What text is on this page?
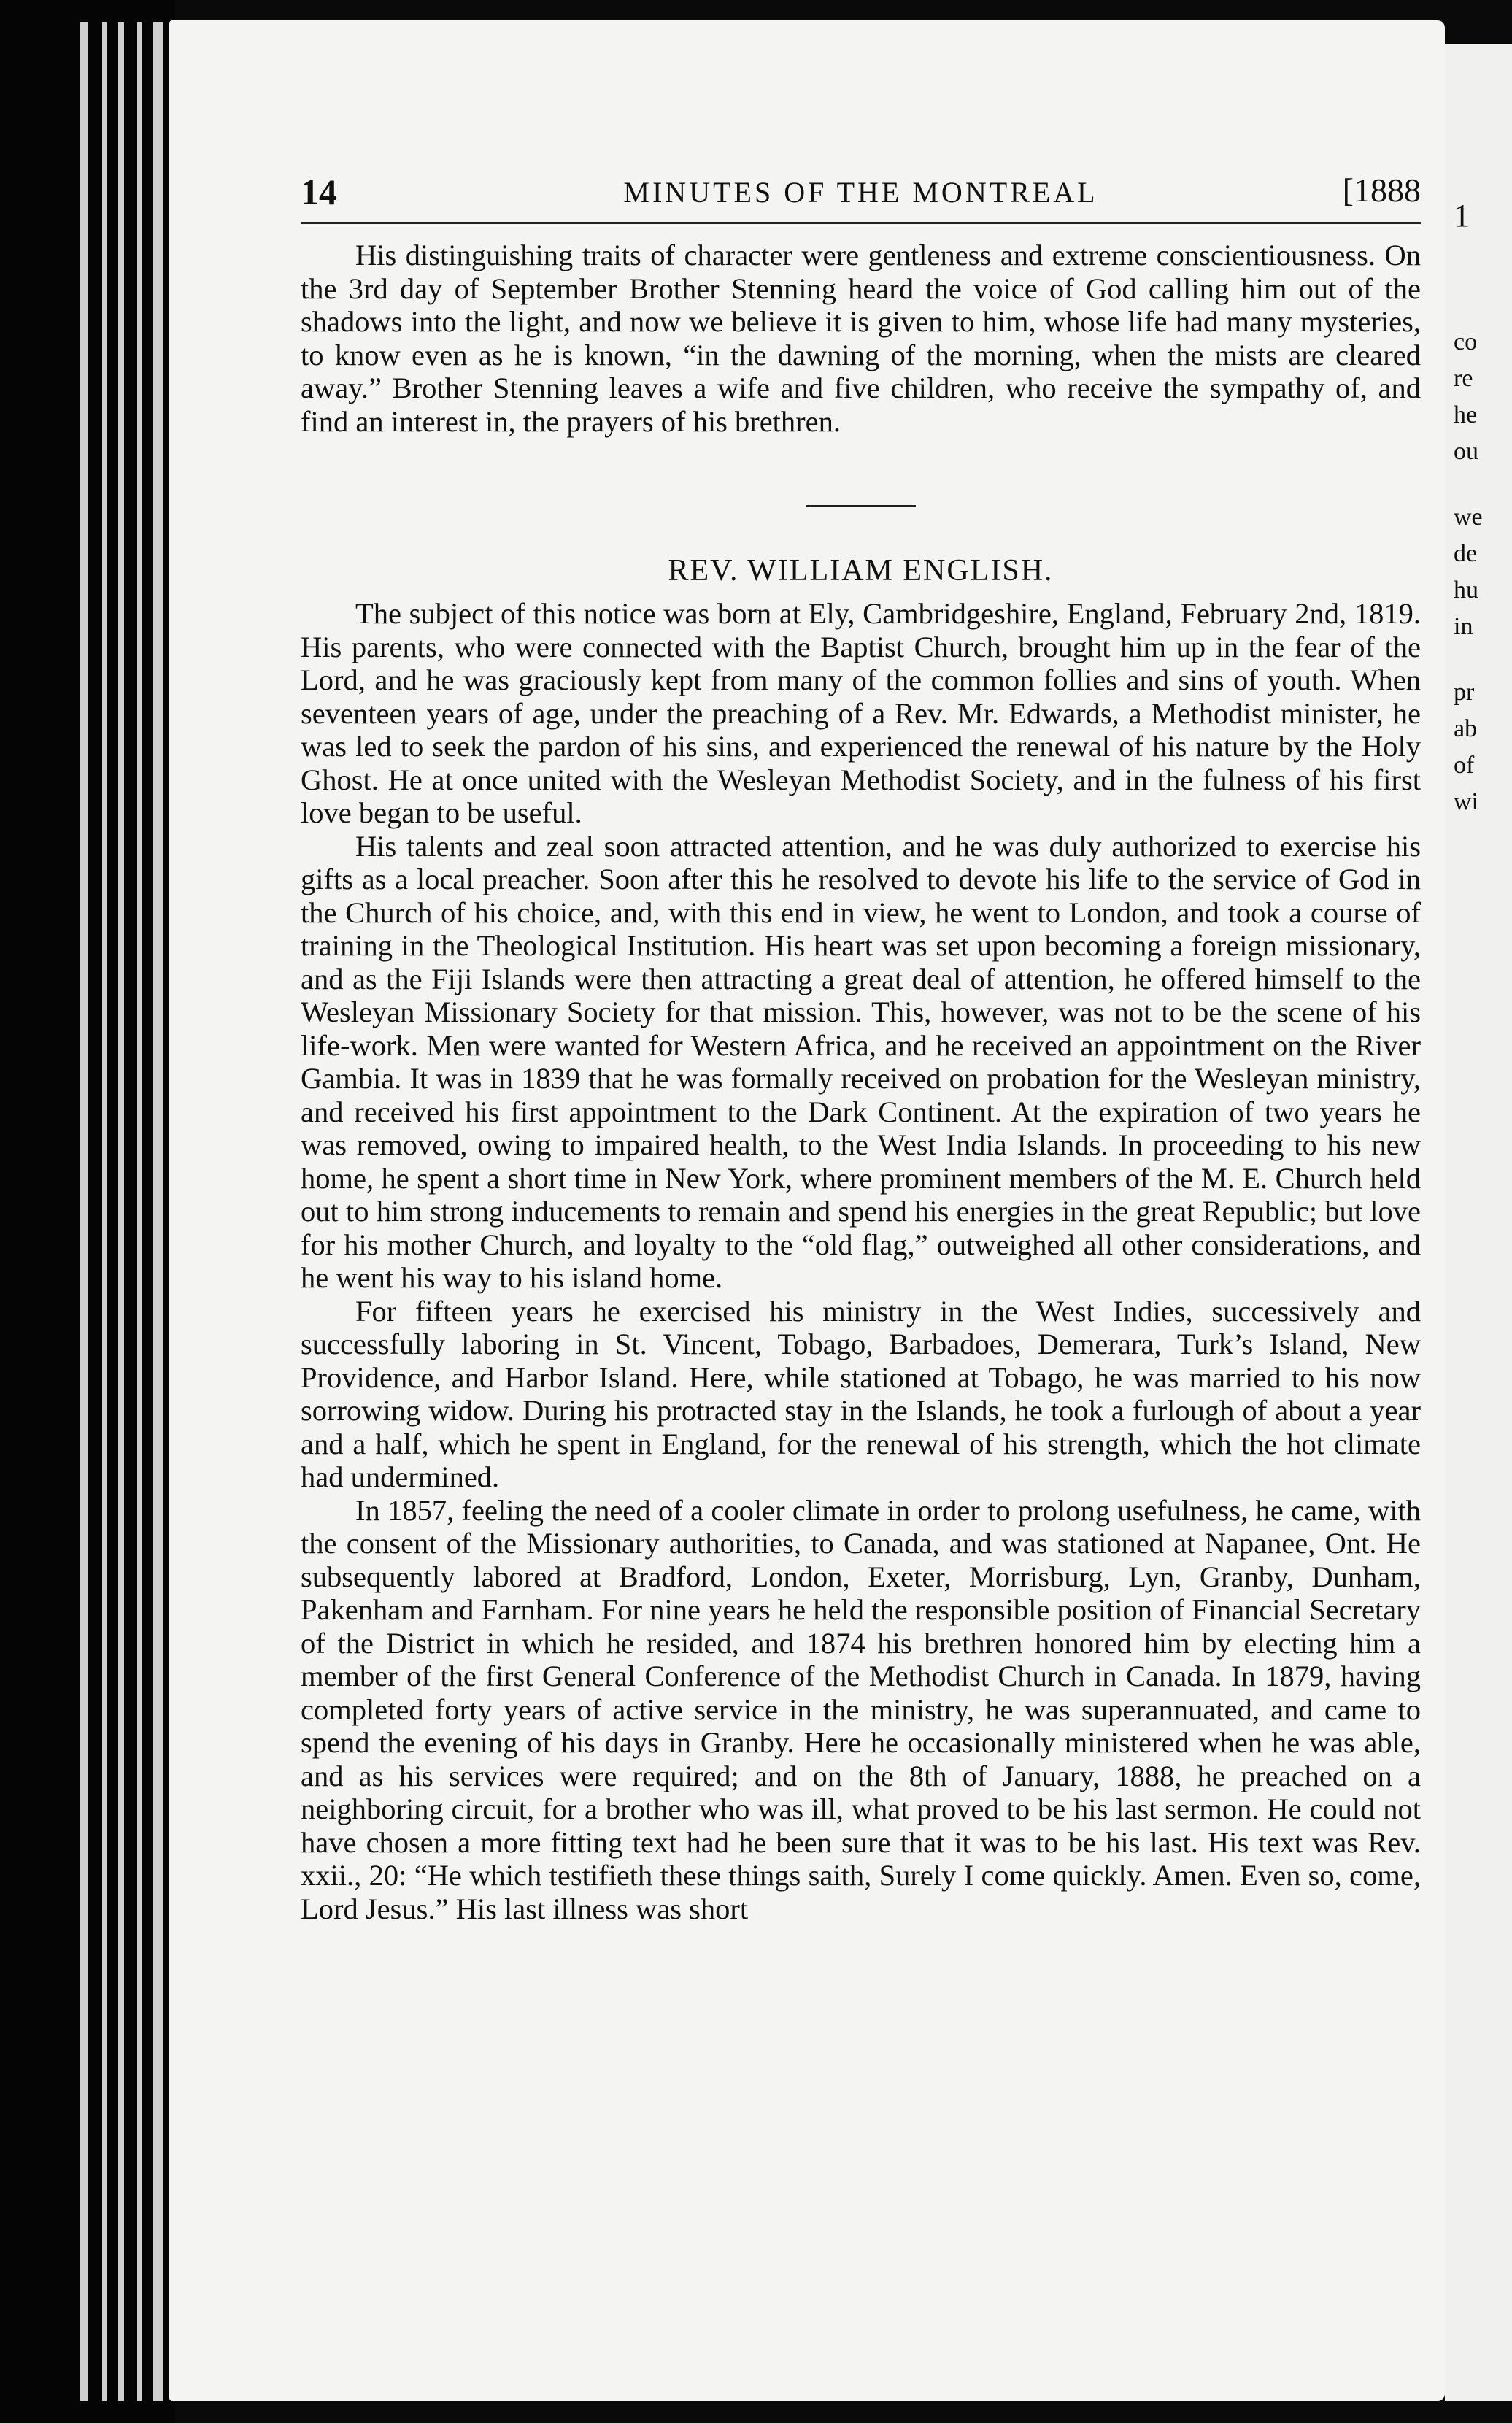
14	MINUTES OF THE MONTREAL	[1888

His distinguishing traits of character were gentleness and extreme conscientiousness. On the 3rd day of September Brother Stenning heard the voice of God calling him out of the shadows into the light, and now we believe it is given to him, whose life had many mysteries, to know even as he is known, “in the dawning of the morning, when the mists are cleared away.” Brother Stenning leaves a wife and five children, who receive the sympathy of, and find an interest in, the prayers of his brethren.

REV. WILLIAM ENGLISH.

The subject of this notice was born at Ely, Cambridgeshire, England, February 2nd, 1819. His parents, who were connected with the Baptist Church, brought him up in the fear of the Lord, and he was graciously kept from many of the common follies and sins of youth. When seventeen years of age, under the preaching of a Rev. Mr. Edwards, a Methodist minister, he was led to seek the pardon of his sins, and experienced the renewal of his nature by the Holy Ghost. He at once united with the Wesleyan Methodist Society, and in the fulness of his first love began to be useful.

His talents and zeal soon attracted attention, and he was duly authorized to exercise his gifts as a local preacher. Soon after this he resolved to devote his life to the service of God in the Church of his choice, and, with this end in view, he went to London, and took a course of training in the Theological Institution. His heart was set upon becoming a foreign missionary, and as the Fiji Islands were then attracting a great deal of attention, he offered himself to the Wesleyan Missionary Society for that mission. This, however, was not to be the scene of his life-work. Men were wanted for Western Africa, and he received an appointment on the River Gambia. It was in 1839 that he was formally received on probation for the Wesleyan ministry, and received his first appointment to the Dark Continent. At the expiration of two years he was removed, owing to impaired health, to the West India Islands. In proceeding to his new home, he spent a short time in New York, where prominent members of the M. E. Church held out to him strong inducements to remain and spend his energies in the great Republic; but love for his mother Church, and loyalty to the “old flag,” outweighed all other considerations, and he went his way to his island home.

For fifteen years he exercised his ministry in the West Indies, successively and successfully laboring in St. Vincent, Tobago, Barbadoes, Demerara, Turk’s Island, New Providence, and Harbor Island. Here, while stationed at Tobago, he was married to his now sorrowing widow. During his protracted stay in the Islands, he took a furlough of about a year and a half, which he spent in England, for the renewal of his strength, which the hot climate had undermined.

In 1857, feeling the need of a cooler climate in order to prolong usefulness, he came, with the consent of the Missionary authorities, to Canada, and was stationed at Napanee, Ont. He subsequently labored at Bradford, London, Exeter, Morrisburg, Lyn, Granby, Dunham, Pakenham and Farnham. For nine years he held the responsible position of Financial Secretary of the District in which he resided, and 1874 his brethren honored him by electing him a member of the first General Conference of the Methodist Church in Canada. In 1879, having completed forty years of active service in the ministry, he was superannuated, and came to spend the evening of his days in Granby. Here he occasionally ministered when he was able, and as his services were required; and on the 8th of January, 1888, he preached on a neighboring circuit, for a brother who was ill, what proved to be his last sermon. He could not have chosen a more fitting text had he been sure that it was to be his last. His text was Rev. xxii., 20: “He which testifieth these things saith, Surely I come quickly. Amen. Even so, come, Lord Jesus.” His last illness was short

1
co
re
he
ou
we
de
hu
in
pr
ab
of
wi
